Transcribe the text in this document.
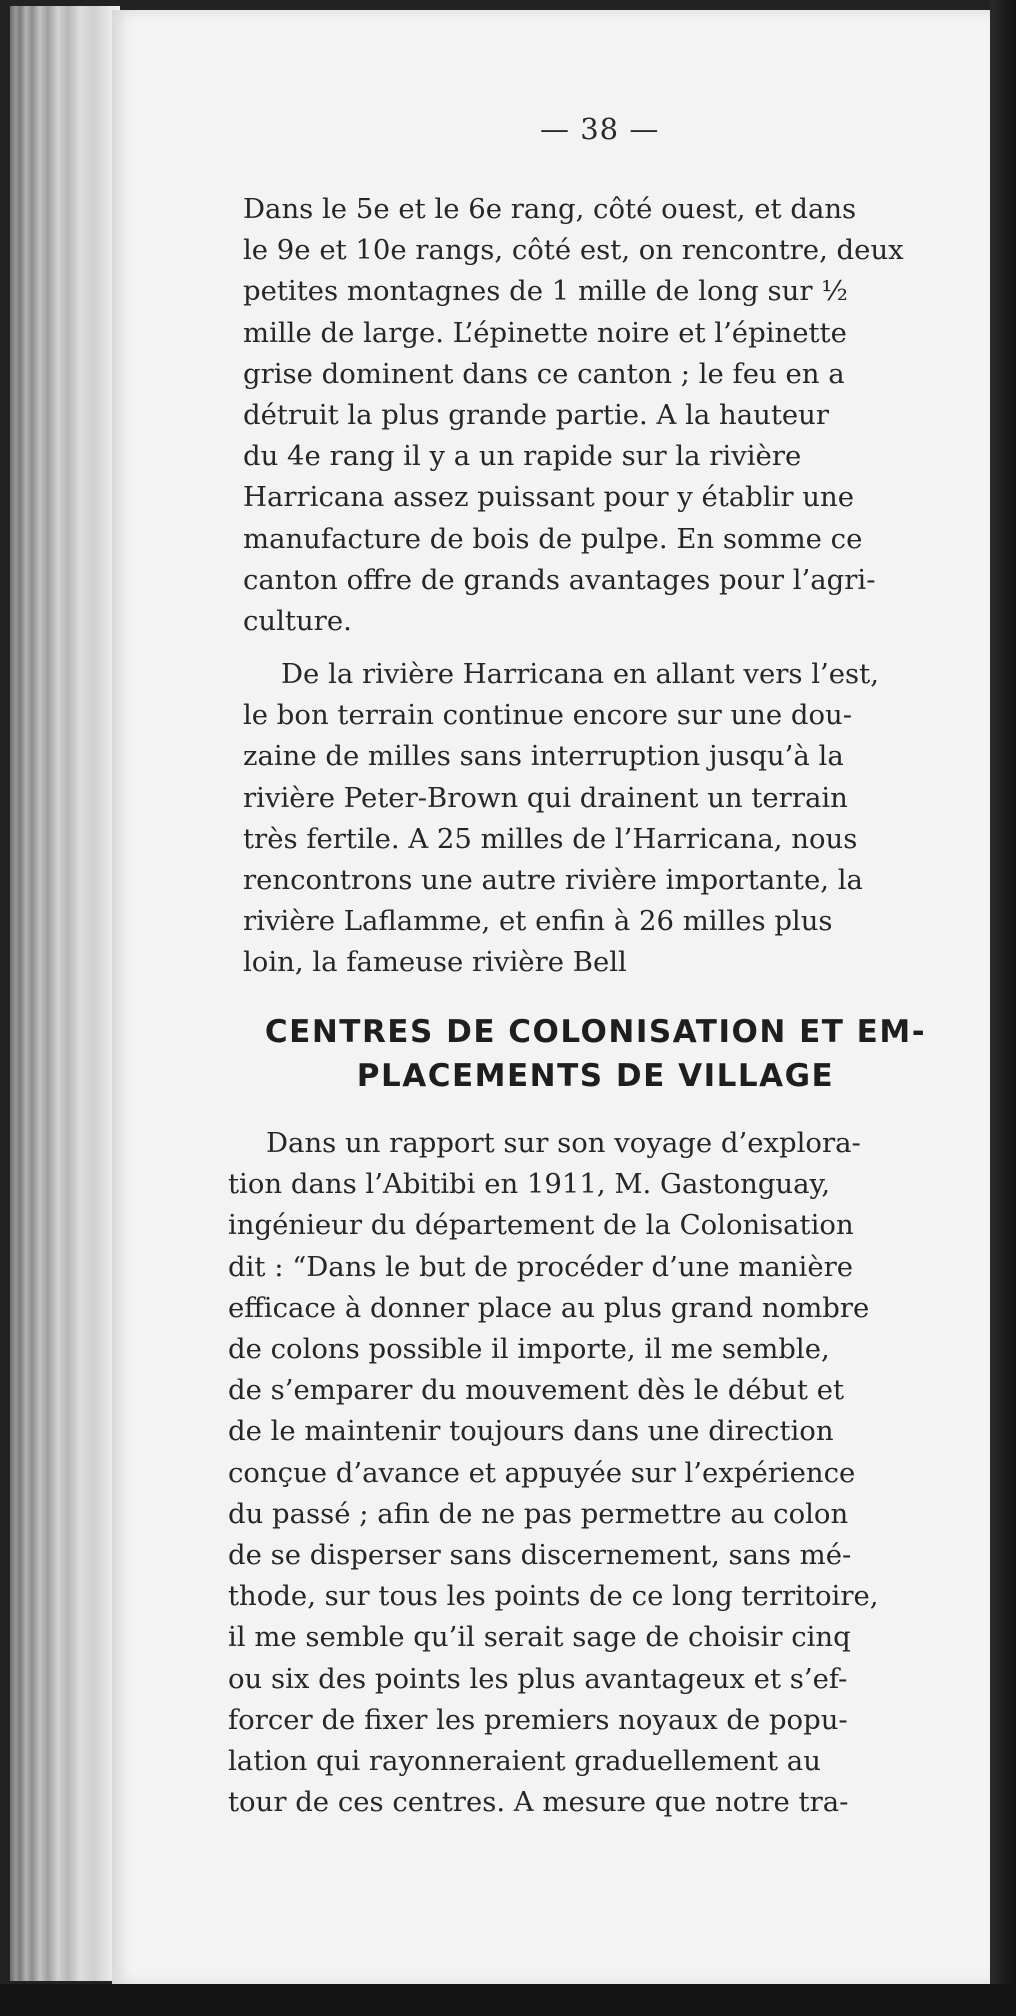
— 38 —

Dans le 5e et le 6e rang, côté ouest, et dans
le 9e et 10e rangs, côté est, on rencontre, deux
petites montagnes de 1 mille de long sur ½
mille de large. L’épinette noire et l’épinette
grise dominent dans ce canton ; le feu en a
détruit la plus grande partie. A la hauteur
du 4e rang il y a un rapide sur la rivière
Harricana assez puissant pour y établir une
manufacture de bois de pulpe. En somme ce
canton offre de grands avantages pour l’agri-
culture.

De la rivière Harricana en allant vers l’est,
le bon terrain continue encore sur une dou-
zaine de milles sans interruption jusqu’à la
rivière Peter-Brown qui drainent un terrain
très fertile. A 25 milles de l’Harricana, nous
rencontrons une autre rivière importante, la
rivière Laflamme, et enfin à 26 milles plus
loin, la fameuse rivière Bell

CENTRES DE COLONISATION ET EM-
PLACEMENTS DE VILLAGE

Dans un rapport sur son voyage d’explora-
tion dans l’Abitibi en 1911, M. Gastonguay,
ingénieur du département de la Colonisation
dit : “Dans le but de procéder d’une manière
efficace à donner place au plus grand nombre
de colons possible il importe, il me semble,
de s’emparer du mouvement dès le début et
de le maintenir toujours dans une direction
conçue d’avance et appuyée sur l’expérience
du passé ; afin de ne pas permettre au colon
de se disperser sans discernement, sans mé-
thode, sur tous les points de ce long territoire,
il me semble qu’il serait sage de choisir cinq
ou six des points les plus avantageux et s’ef-
forcer de fixer les premiers noyaux de popu-
lation qui rayonneraient graduellement au
tour de ces centres. A mesure que notre tra-
